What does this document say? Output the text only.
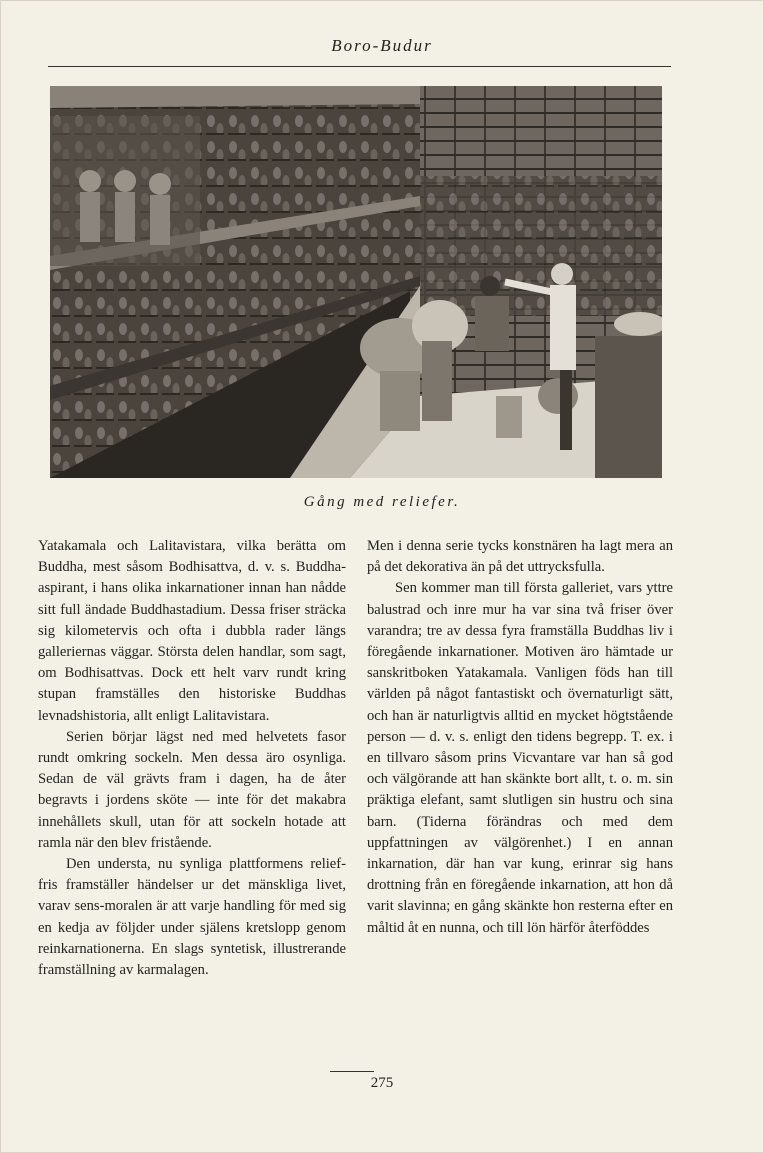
Boro-Budur
Gång med reliefer.

Yatakamala och Lalitavistara, vilka berätta om Buddha, mest såsom Bodhisattva, d. v. s. Buddha-aspirant, i hans olika inkarnationer innan han nådde sitt full ändade Buddhastadium. Dessa friser sträcka sig kilometervis och ofta i dubbla rader längs galleriernas väggar. Största delen handlar, som sagt, om Bodhisattvas. Dock ett helt varv rundt kring stupan framställes den historiske Buddhas levnadshistoria, allt enligt Lalitavistara.

Serien börjar lägst ned med helvetets fasor rundt omkring sockeln. Men dessa äro osynliga. Sedan de väl grävts fram i dagen, ha de åter begravts i jordens sköte — inte för det makabra innehållets skull, utan för att sockeln hotade att ramla när den blev fristående.

Den understa, nu synliga plattformens relief-fris framställer händelser ur det mänskliga livet, varav sens-moralen är att varje handling för med sig en kedja av följder under själens kretslopp genom reinkarnationerna. En slags syntetisk, illustrerande framställning av karmalagen.

Men i denna serie tycks konstnären ha lagt mera an på det dekorativa än på det uttrycksfulla.

Sen kommer man till första galleriet, vars yttre balustrad och inre mur ha var sina två friser över varandra; tre av dessa fyra framställa Buddhas liv i föregående inkarnationer. Motiven äro hämtade ur sanskritboken Yatakamala. Vanligen föds han till världen på något fantastiskt och övernaturligt sätt, och han är naturligtvis alltid en mycket högtstående person — d. v. s. enligt den tidens begrepp. T. ex. i en tillvaro såsom prins Vicvantare var han så god och välgörande att han skänkte bort allt, t. o. m. sin präktiga elefant, samt slutligen sin hustru och sina barn. (Tiderna förändras och med dem uppfattningen av välgörenhet.) I en annan inkarnation, där han var kung, erinrar sig hans drottning från en föregående inkarnation, att hon då varit slavinna; en gång skänkte hon resterna efter en måltid åt en nunna, och till lön härför återföddes

275
